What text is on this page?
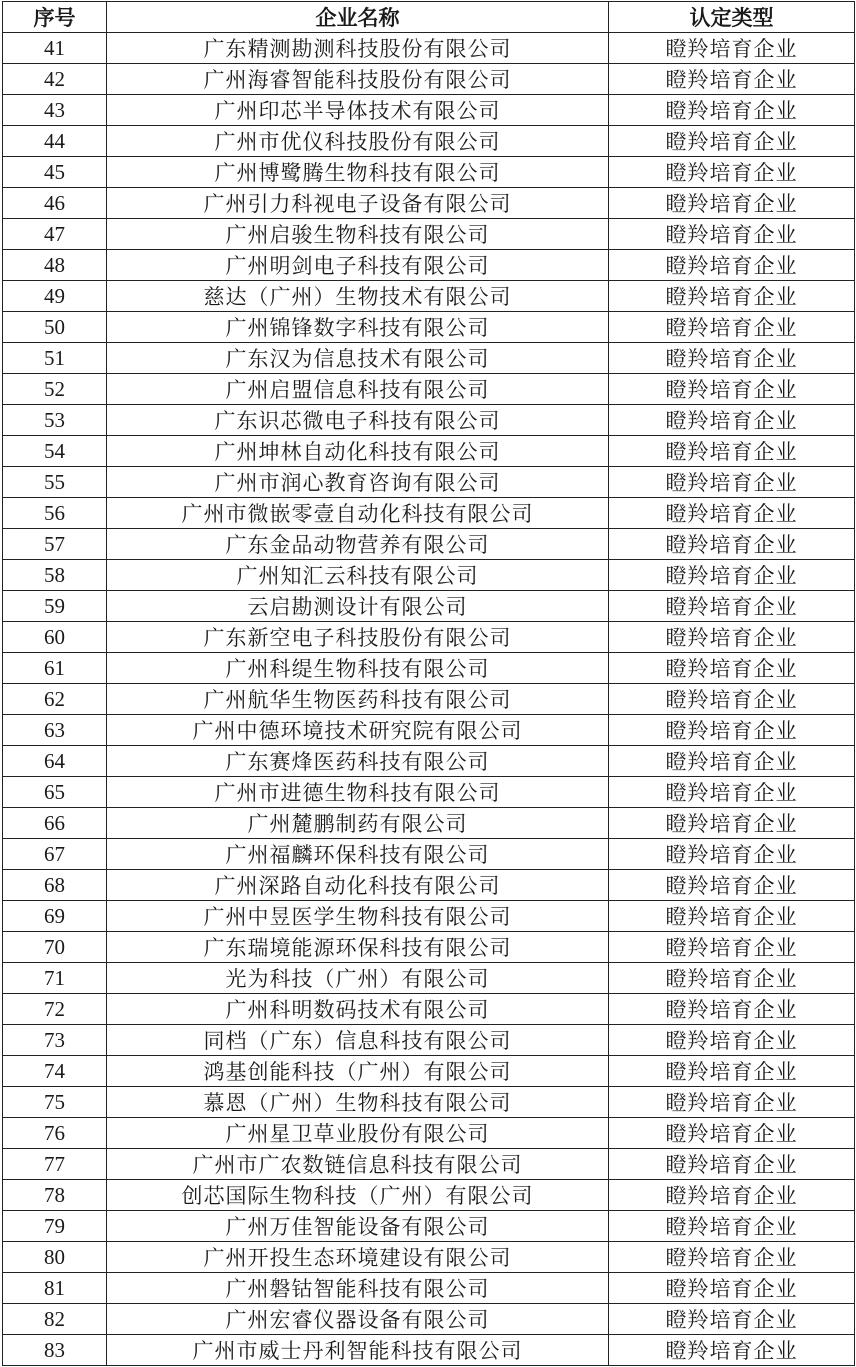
序号	企业名称	认定类型
41	广东精测勘测科技股份有限公司	瞪羚培育企业
42	广州海睿智能科技股份有限公司	瞪羚培育企业
43	广州印芯半导体技术有限公司	瞪羚培育企业
44	广州市优仪科技股份有限公司	瞪羚培育企业
45	广州博鹭腾生物科技有限公司	瞪羚培育企业
46	广州引力科视电子设备有限公司	瞪羚培育企业
47	广州启骏生物科技有限公司	瞪羚培育企业
48	广州明剑电子科技有限公司	瞪羚培育企业
49	慈达（广州）生物技术有限公司	瞪羚培育企业
50	广州锦锋数字科技有限公司	瞪羚培育企业
51	广东汉为信息技术有限公司	瞪羚培育企业
52	广州启盟信息科技有限公司	瞪羚培育企业
53	广东识芯微电子科技有限公司	瞪羚培育企业
54	广州坤林自动化科技有限公司	瞪羚培育企业
55	广州市润心教育咨询有限公司	瞪羚培育企业
56	广州市微嵌零壹自动化科技有限公司	瞪羚培育企业
57	广东金品动物营养有限公司	瞪羚培育企业
58	广州知汇云科技有限公司	瞪羚培育企业
59	云启勘测设计有限公司	瞪羚培育企业
60	广东新空电子科技股份有限公司	瞪羚培育企业
61	广州科缇生物科技有限公司	瞪羚培育企业
62	广州航华生物医药科技有限公司	瞪羚培育企业
63	广州中德环境技术研究院有限公司	瞪羚培育企业
64	广东赛烽医药科技有限公司	瞪羚培育企业
65	广州市进德生物科技有限公司	瞪羚培育企业
66	广州麓鹏制药有限公司	瞪羚培育企业
67	广州福麟环保科技有限公司	瞪羚培育企业
68	广州深路自动化科技有限公司	瞪羚培育企业
69	广州中昱医学生物科技有限公司	瞪羚培育企业
70	广东瑞境能源环保科技有限公司	瞪羚培育企业
71	光为科技（广州）有限公司	瞪羚培育企业
72	广州科明数码技术有限公司	瞪羚培育企业
73	同档（广东）信息科技有限公司	瞪羚培育企业
74	鸿基创能科技（广州）有限公司	瞪羚培育企业
75	慕恩（广州）生物科技有限公司	瞪羚培育企业
76	广州星卫草业股份有限公司	瞪羚培育企业
77	广州市广农数链信息科技有限公司	瞪羚培育企业
78	创芯国际生物科技（广州）有限公司	瞪羚培育企业
79	广州万佳智能设备有限公司	瞪羚培育企业
80	广州开投生态环境建设有限公司	瞪羚培育企业
81	广州磐钴智能科技有限公司	瞪羚培育企业
82	广州宏睿仪器设备有限公司	瞪羚培育企业
83	广州市威士丹利智能科技有限公司	瞪羚培育企业
